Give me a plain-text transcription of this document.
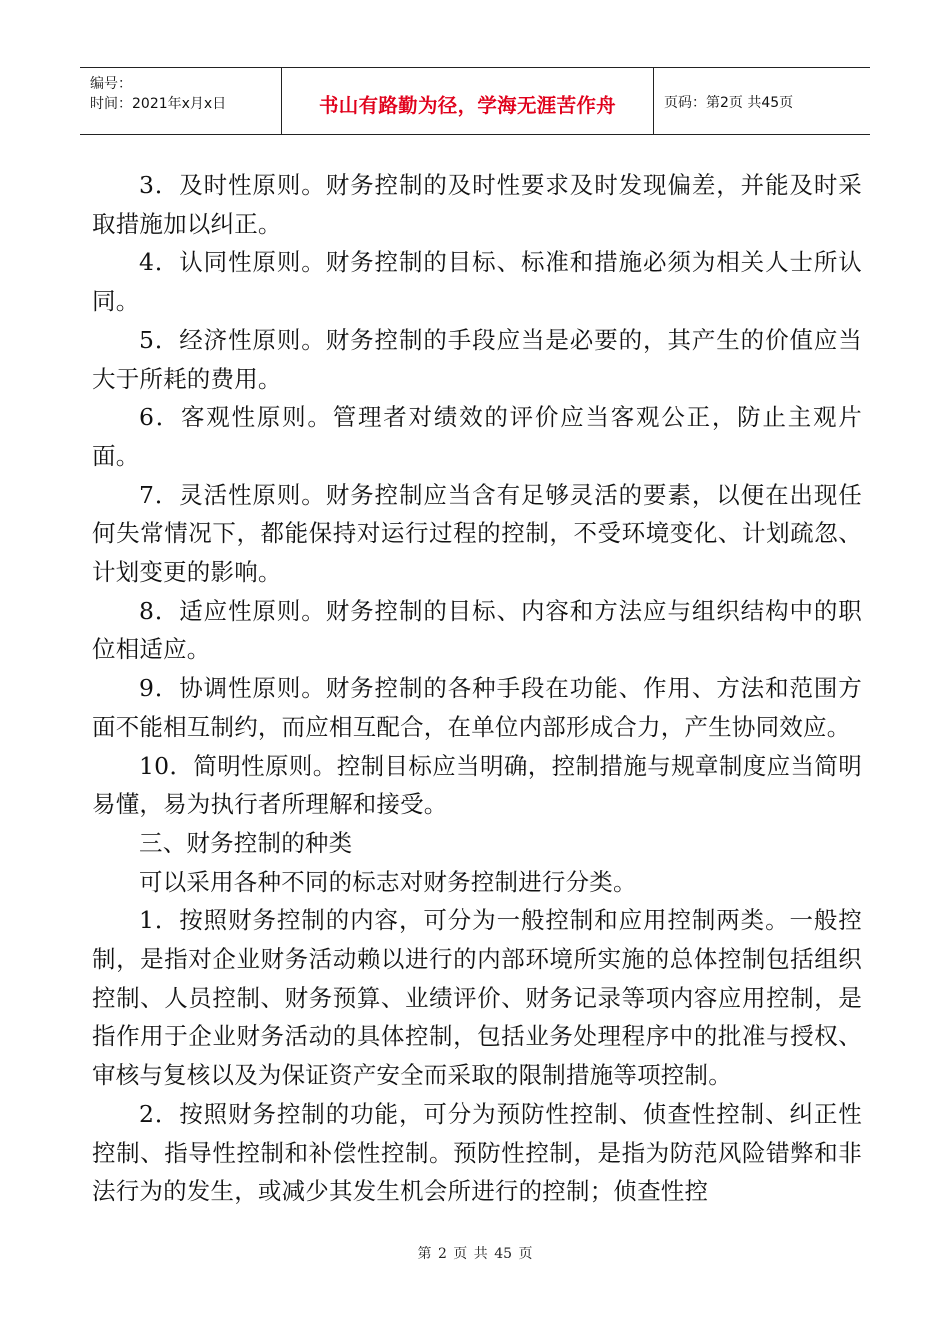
编号：
时间：2021年x月x日	书山有路勤为径，学海无涯苦作舟	页码：第2页 共45页

3．及时性原则。财务控制的及时性要求及时发现偏差，并能及时采取措施加以纠正。

4．认同性原则。财务控制的目标、标准和措施必须为相关人士所认同。

5．经济性原则。财务控制的手段应当是必要的，其产生的价值应当大于所耗的费用。

6．客观性原则。管理者对绩效的评价应当客观公正，防止主观片面。

7．灵活性原则。财务控制应当含有足够灵活的要素，以便在出现任何失常情况下，都能保持对运行过程的控制，不受环境变化、计划疏忽、计划变更的影响。

8．适应性原则。财务控制的目标、内容和方法应与组织结构中的职位相适应。

9．协调性原则。财务控制的各种手段在功能、作用、方法和范围方面不能相互制约，而应相互配合，在单位内部形成合力，产生协同效应。

10．简明性原则。控制目标应当明确，控制措施与规章制度应当简明易懂，易为执行者所理解和接受。

三、财务控制的种类

可以采用各种不同的标志对财务控制进行分类。

1．按照财务控制的内容，可分为一般控制和应用控制两类。一般控制，是指对企业财务活动赖以进行的内部环境所实施的总体控制包括组织控制、人员控制、财务预算、业绩评价、财务记录等项内容应用控制，是指作用于企业财务活动的具体控制，包括业务处理程序中的批准与授权、审核与复核以及为保证资产安全而采取的限制措施等项控制。

2．按照财务控制的功能，可分为预防性控制、侦查性控制、纠正性控制、指导性控制和补偿性控制。预防性控制，是指为防范风险错弊和非法行为的发生，或减少其发生机会所进行的控制；侦查性控

第 2 页 共 45 页
